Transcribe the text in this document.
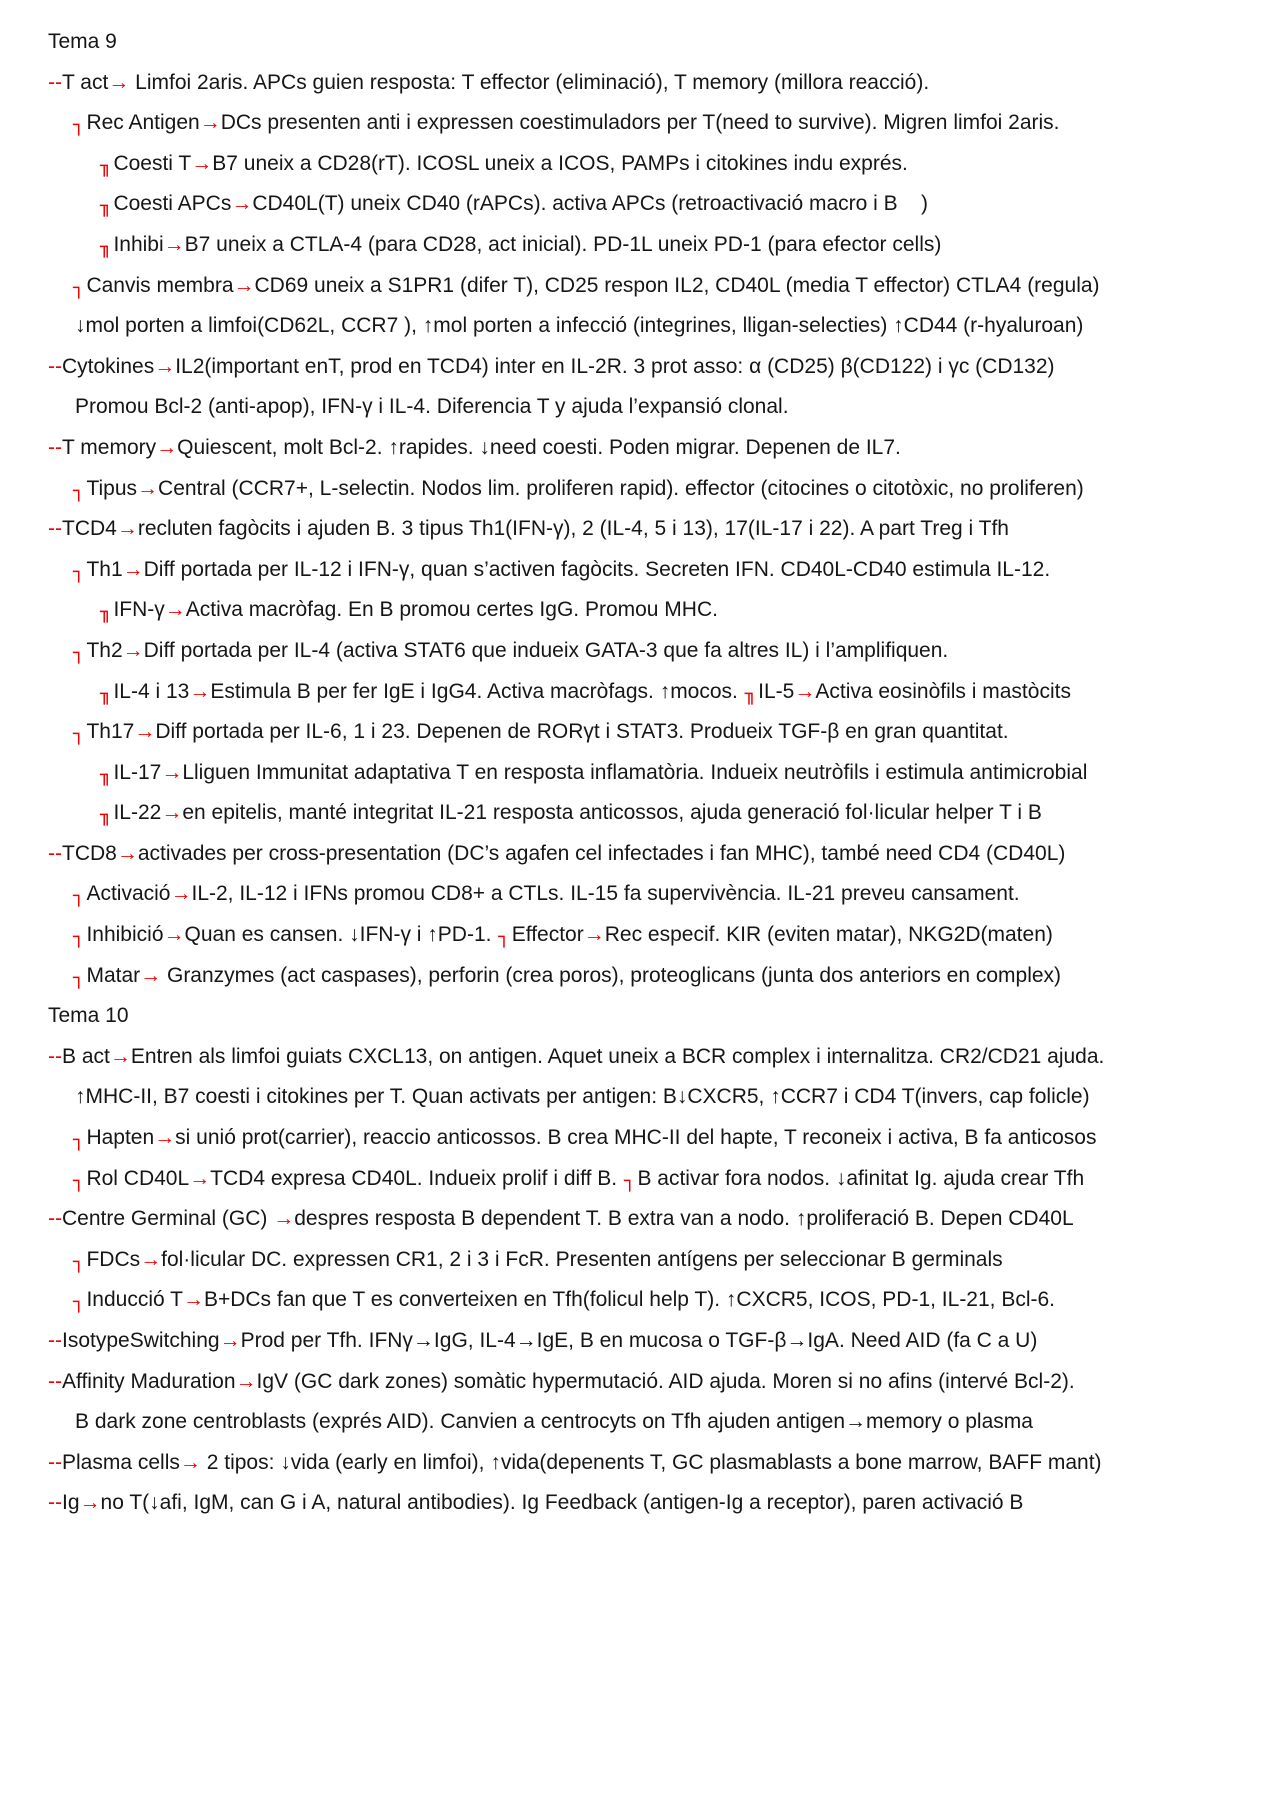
Tema 9
--T act→ Limfoi 2aris. APCs guien resposta: T effector (eliminació), T memory (millora reacció).
┐Rec Antigen→DCs presenten anti i expressen coestimuladors per T(need to survive). Migren limfoi 2aris.
╖Coesti T→B7 uneix a CD28(rT). ICOSL uneix a ICOS, PAMPs i citokines indu exprés.
╖Coesti APCs→CD40L(T) uneix CD40 (rAPCs). activa APCs (retroactivació macro i B    )
╖Inhibi→B7 uneix a CTLA-4 (para CD28, act inicial). PD-1L uneix PD-1 (para efector cells)
┐Canvis membra→CD69 uneix a S1PR1 (difer T), CD25 respon IL2, CD40L (media T effector) CTLA4 (regula)
↓mol porten a limfoi(CD62L, CCR7 ), ↑mol porten a infecció (integrines, lligan-selecties) ↑CD44 (r-hyaluroan)
--Cytokines→IL2(important enT, prod en TCD4) inter en IL-2R. 3 prot asso: α (CD25) β(CD122) i γc (CD132)
Promou Bcl-2 (anti-apop), IFN-γ i IL-4. Diferencia T y ajuda l’expansió clonal.
--T memory→Quiescent, molt Bcl-2. ↑rapides. ↓need coesti. Poden migrar. Depenen de IL7.
┐Tipus→Central (CCR7+, L-selectin. Nodos lim. proliferen rapid). effector (citocines o citotòxic, no proliferen)
--TCD4→recluten fagòcits i ajuden B. 3 tipus Th1(IFN-γ), 2 (IL-4, 5 i 13), 17(IL-17 i 22). A part Treg i Tfh
┐Th1→Diff portada per IL-12 i IFN-γ, quan s’activen fagòcits. Secreten IFN. CD40L-CD40 estimula IL-12.
╖IFN-γ→Activa macròfag. En B promou certes IgG. Promou MHC.
┐Th2→Diff portada per IL-4 (activa STAT6 que indueix GATA-3 que fa altres IL) i l’amplifiquen.
╖IL-4 i 13→Estimula B per fer IgE i IgG4. Activa macròfags. ↑mocos. ╖IL-5→Activa eosinòfils i mastòcits
┐Th17→Diff portada per IL-6, 1 i 23. Depenen de RORγt i STAT3. Produeix TGF-β en gran quantitat.
╖IL-17→Lliguen Immunitat adaptativa T en resposta inflamatòria. Indueix neutròfils i estimula antimicrobial
╖IL-22→en epitelis, manté integritat IL-21 resposta anticossos, ajuda generació fol·licular helper T i B
--TCD8→activades per cross-presentation (DC’s agafen cel infectades i fan MHC), també need CD4 (CD40L)
┐Activació→IL-2, IL-12 i IFNs promou CD8+ a CTLs. IL-15 fa supervivència. IL-21 preveu cansament.
┐Inhibició→Quan es cansen. ↓IFN-γ i ↑PD-1. ┐Effector→Rec especif. KIR (eviten matar), NKG2D(maten)
┐Matar→ Granzymes (act caspases), perforin (crea poros), proteoglicans (junta dos anteriors en complex)
Tema 10
--B act→Entren als limfoi guiats CXCL13, on antigen. Aquet uneix a BCR complex i internalitza. CR2/CD21 ajuda.
↑MHC-II, B7 coesti i citokines per T. Quan activats per antigen: B↓CXCR5, ↑CCR7 i CD4 T(invers, cap folicle)
┐Hapten→si unió prot(carrier), reaccio anticossos. B crea MHC-II del hapte, T reconeix i activa, B fa anticosos
┐Rol CD40L→TCD4 expresa CD40L. Indueix prolif i diff B. ┐B activar fora nodos. ↓afinitat Ig. ajuda crear Tfh
--Centre Germinal (GC) →despres resposta B dependent T. B extra van a nodo. ↑proliferació B. Depen CD40L
┐FDCs→fol·licular DC. expressen CR1, 2 i 3 i FcR. Presenten antígens per seleccionar B germinals
┐Inducció T→B+DCs fan que T es converteixen en Tfh(folicul help T). ↑CXCR5, ICOS, PD-1, IL-21, Bcl-6.
--IsotypeSwitching→Prod per Tfh. IFNγ→IgG, IL-4→IgE, B en mucosa o TGF-β→IgA. Need AID (fa C a U)
--Affinity Maduration→IgV (GC dark zones) somàtic hypermutació. AID ajuda. Moren si no afins (intervé Bcl-2).
B dark zone centroblasts (exprés AID). Canvien a centrocyts on Tfh ajuden antigen→memory o plasma
--Plasma cells→ 2 tipos: ↓vida (early en limfoi), ↑vida(depenents T, GC plasmablasts a bone marrow, BAFF mant)
--Ig→no T(↓afi, IgM, can G i A, natural antibodies). Ig Feedback (antigen-Ig a receptor), paren activació B
